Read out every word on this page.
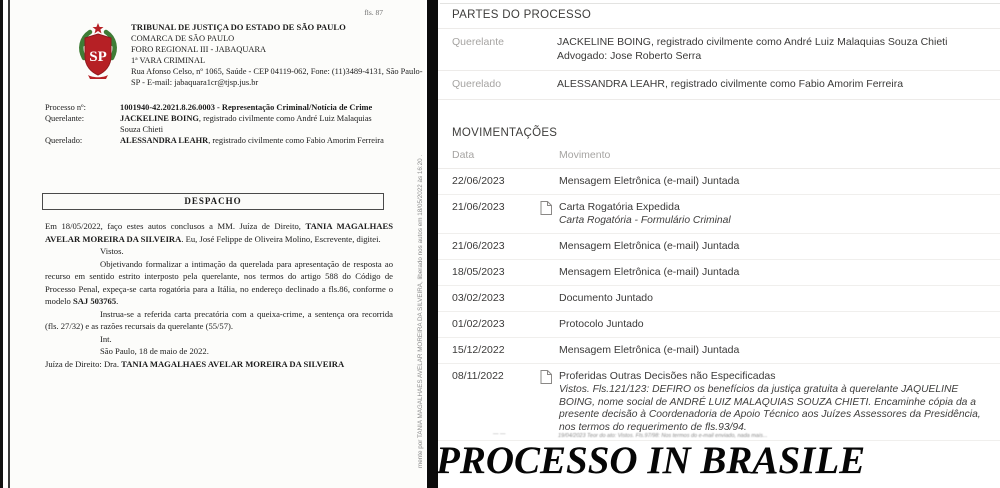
fls. 87
SP
TRIBUNAL DE JUSTIÇA DO ESTADO DE SÃO PAULO
COMARCA DE SÃO PAULO
FORO REGIONAL III - JABAQUARA
1ª VARA CRIMINAL
Rua Afonso Celso, nº 1065, Saúde - CEP 04119-062, Fone: (11)3489-4131, São Paulo-SP - E-mail: jabaquara1cr@tjsp.jus.br
Processo nº:	1001940-42.2021.8.26.0003 - Representação Criminal/Notícia de Crime
Querelante:	JACKELINE BOING, registrado civilmente como André Luiz Malaquias Souza Chieti
Querelado:	ALESSANDRA LEAHR, registrado civilmente como Fabio Amorim Ferreira
DESPACHO

Em 18/05/2022, faço estes autos conclusos a MM. Juíza de Direito, TANIA MAGALHAES AVELAR MOREIRA DA SILVEIRA. Eu, José Felippe de Oliveira Molino, Escrevente, digitei.

Vistos.

Objetivando formalizar a intimação da querelada para apresentação de resposta ao recurso em sentido estrito interposto pela querelante, nos termos do artigo 588 do Código de Processo Penal, expeça-se carta rogatória para a Itália, no endereço declinado a fls.86, conforme o modelo SAJ 503765.

Instrua-se a referida carta precatória com a queixa-crime, a sentença ora recorrida (fls. 27/32) e as razões recursais da querelante (55/57).

Int.

São Paulo, 18 de maio de 2022.

Juíza de Direito: Dra. TANIA MAGALHAES AVELAR MOREIRA DA SILVEIRA	mente por TANIA MAGALHAES AVELAR MOREIRA DA SILVEIRA, liberado nos autos em 18/05/2022 às 16:20 .
PARTES DO PROCESSO
Querelante	JACKELINE BOING, registrado civilmente como André Luiz Malaquias Souza Chieti
Advogado: Jose Roberto Serra
Querelado	ALESSANDRA LEAHR, registrado civilmente como Fabio Amorim Ferreira
MOVIMENTAÇÕES
Data	Movimento
22/06/2023	Mensagem Eletrônica (e-mail) Juntada
21/06/2023	Carta Rogatória Expedida
Carta Rogatória - Formulário Criminal
21/06/2023	Mensagem Eletrônica (e-mail) Juntada
18/05/2023	Mensagem Eletrônica (e-mail) Juntada
03/02/2023	Documento Juntado
01/02/2023	Protocolo Juntado
15/12/2022	Mensagem Eletrônica (e-mail) Juntada
08/11/2022	Proferidas Outras Decisões não Especificadas
Vistos. Fls.121/123: DEFIRO os benefícios da justiça gratuita à querelante JAQUELINE BOING, nome social de ANDRÉ LUIZ MALAQUIAS SOUZA CHIETI. Encaminhe cópia da a presente decisão à Coordenadoria de Apoio Técnico aos Juízes Assessores da Presidência, nos termos do requerimento de fls.93/94.
— —	19/04/2023 Teor do ato: Vistos. Fls.97/98: Nos termos do e-mail enviado, nada mais...
PROCESSO IN BRASILE
